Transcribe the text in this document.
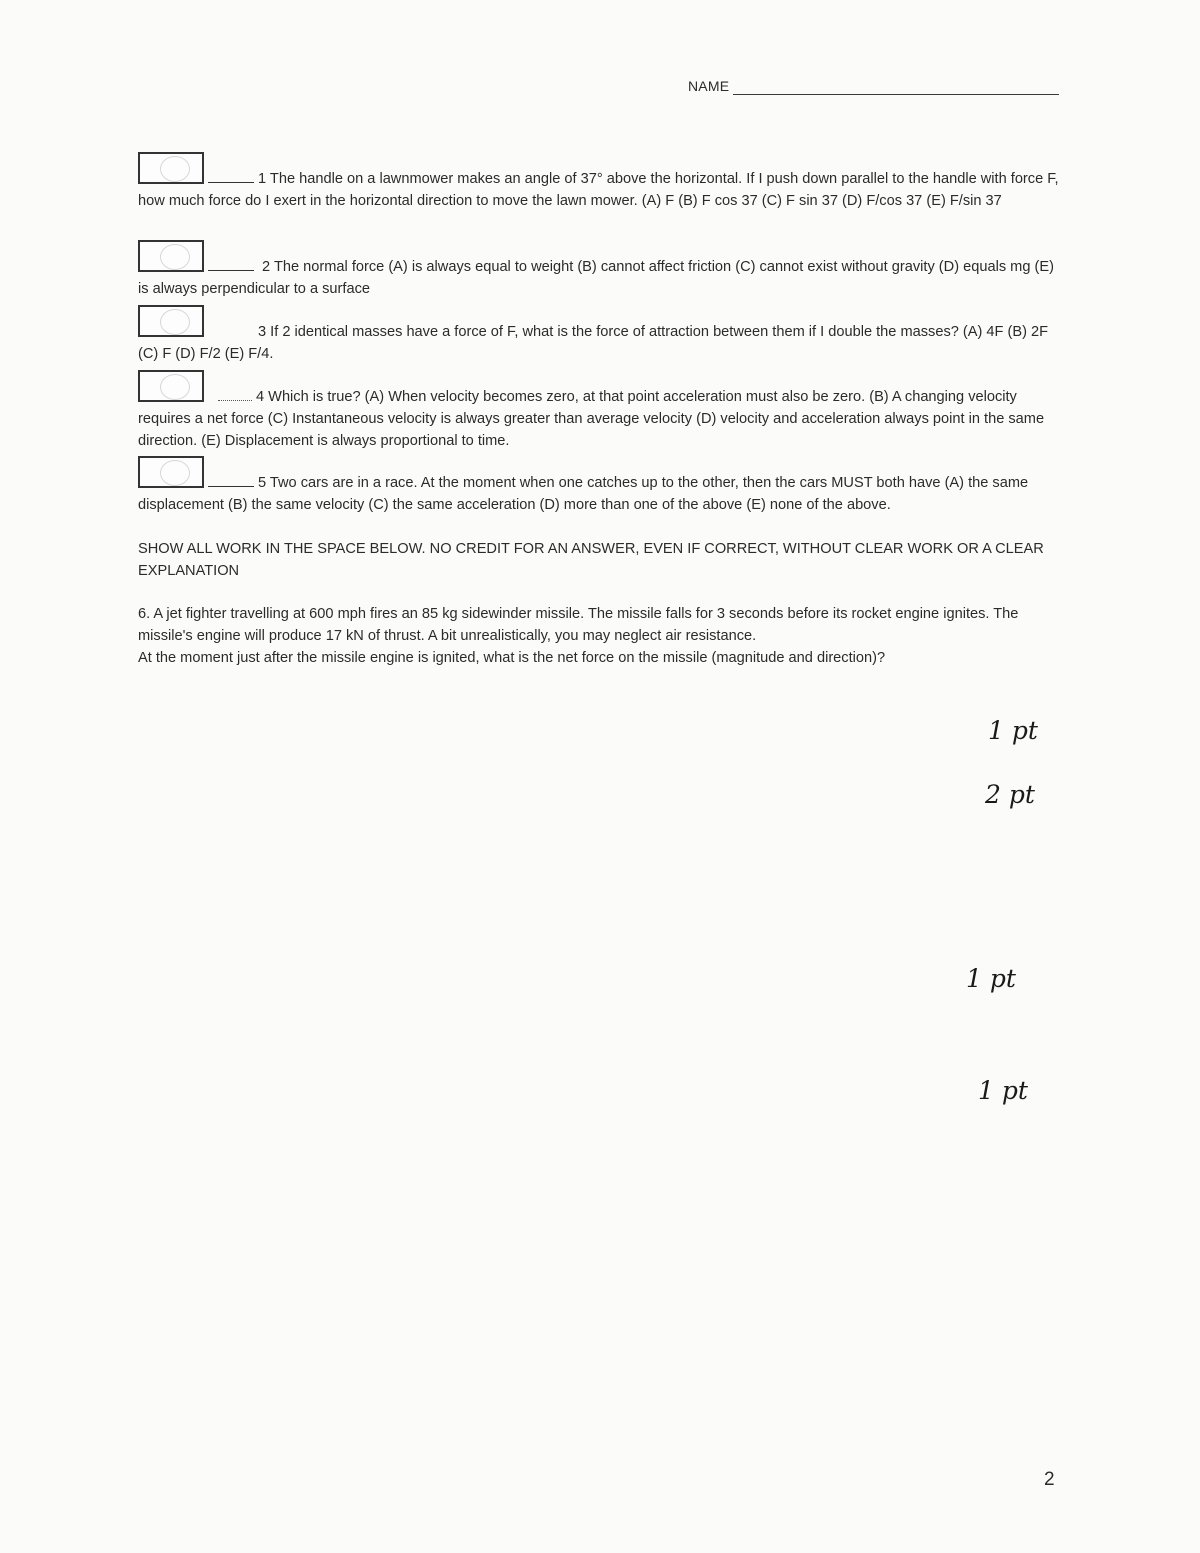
NAME
1 The handle on a lawnmower makes an angle of 37° above the horizontal. If I push down parallel to the handle with force F, how much force do I exert in the horizontal direction to move the lawn mower. (A) F (B) F cos 37 (C) F sin 37 (D) F/cos 37 (E) F/sin 37
2 The normal force (A) is always equal to weight (B) cannot affect friction (C) cannot exist without gravity (D) equals mg (E) is always perpendicular to a surface
3 If 2 identical masses have a force of F, what is the force of attraction between them if I double the masses? (A) 4F (B) 2F (C) F (D) F/2 (E) F/4.
4 Which is true? (A) When velocity becomes zero, at that point acceleration must also be zero. (B) A changing velocity requires a net force (C) Instantaneous velocity is always greater than average velocity (D) velocity and acceleration always point in the same direction. (E) Displacement is always proportional to time.
5 Two cars are in a race. At the moment when one catches up to the other, then the cars MUST both have (A) the same displacement (B) the same velocity (C) the same acceleration (D) more than one of the above (E) none of the above.
SHOW ALL WORK IN THE SPACE BELOW. NO CREDIT FOR AN ANSWER, EVEN IF CORRECT, WITHOUT CLEAR WORK OR A CLEAR EXPLANATION

6. A jet fighter travelling at 600 mph fires an 85 kg sidewinder missile. The missile falls for 3 seconds before its rocket engine ignites. The missile's engine will produce 17 kN of thrust. A bit unrealistically, you may neglect air resistance.

At the moment just after the missile engine is ignited, what is the net force on the missile (magnitude and direction)?

1 pt
2 pt
1 pt
1 pt
2
